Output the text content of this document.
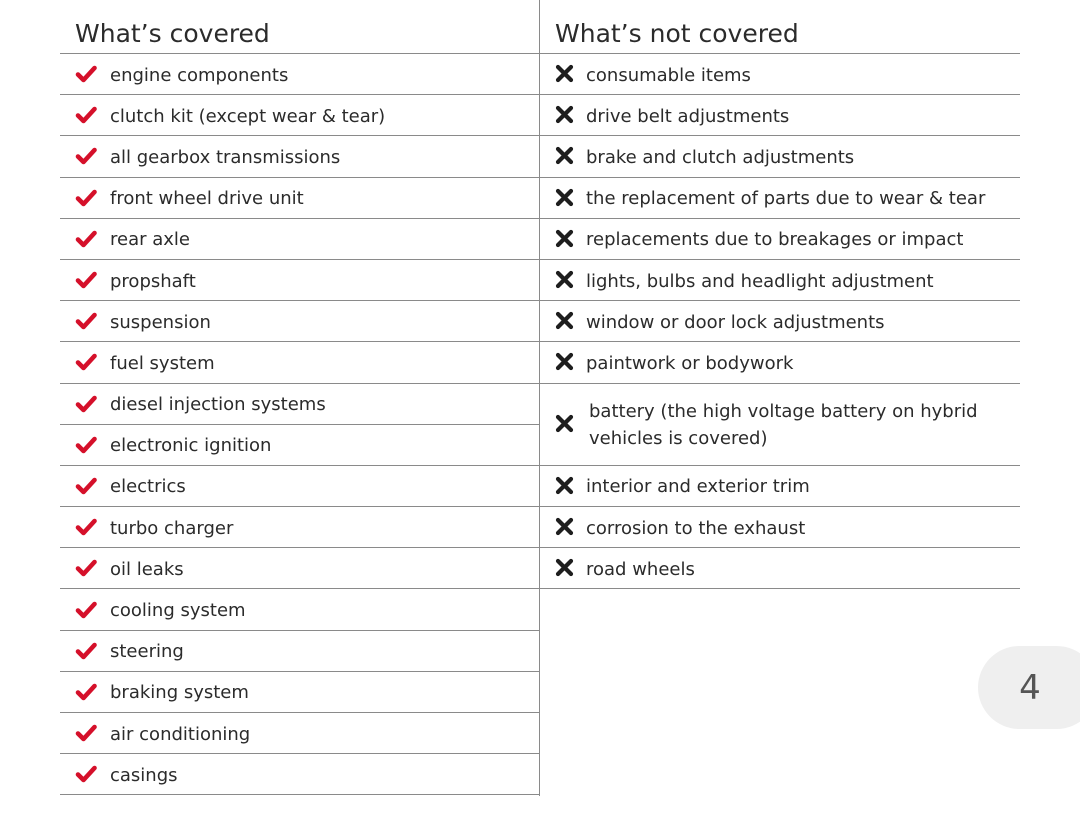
What’s covered
engine components
clutch kit (except wear & tear)
all gearbox transmissions
front wheel drive unit
rear axle
propshaft
suspension
fuel system
diesel injection systems
electronic ignition
electrics
turbo charger
oil leaks
cooling system
steering
braking system
air conditioning
casings
What’s not covered
consumable items
drive belt adjustments
brake and clutch adjustments
the replacement of parts due to wear & tear
replacements due to breakages or impact
lights, bulbs and headlight adjustment
window or door lock adjustments
paintwork or bodywork
battery (the high voltage battery on hybrid vehicles is covered)
interior and exterior trim
corrosion to the exhaust
road wheels
4
